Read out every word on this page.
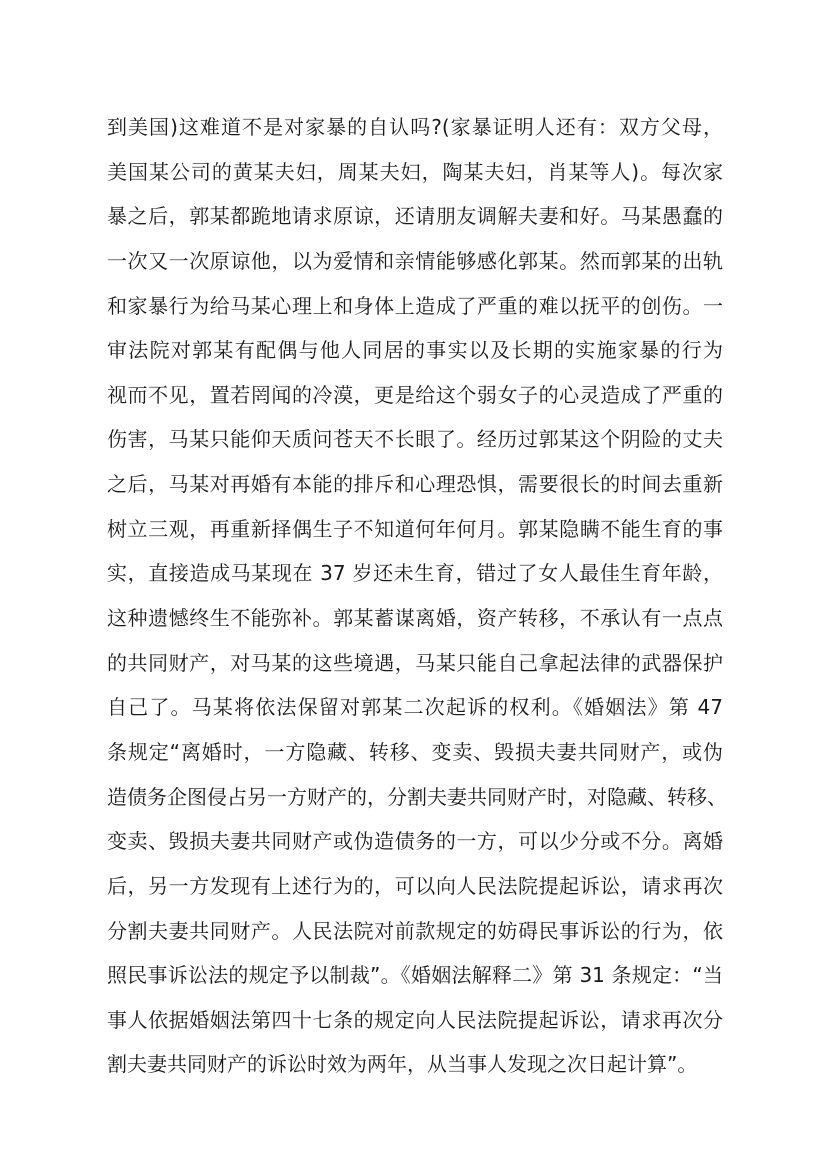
到美国)这难道不是对家暴的自认吗?(家暴证明人还有：双方父母，
美国某公司的黄某夫妇，周某夫妇，陶某夫妇，肖某等人)。每次家
暴之后，郭某都跪地请求原谅，还请朋友调解夫妻和好。马某愚蠢的
一次又一次原谅他，以为爱情和亲情能够感化郭某。然而郭某的出轨
和家暴行为给马某心理上和身体上造成了严重的难以抚平的创伤。一
审法院对郭某有配偶与他人同居的事实以及长期的实施家暴的行为
视而不见，置若罔闻的冷漠，更是给这个弱女子的心灵造成了严重的
伤害，马某只能仰天质问苍天不长眼了。经历过郭某这个阴险的丈夫
之后，马某对再婚有本能的排斥和心理恐惧，需要很长的时间去重新
树立三观，再重新择偶生子不知道何年何月。郭某隐瞒不能生育的事
实，直接造成马某现在 37 岁还未生育，错过了女人最佳生育年龄，
这种遗憾终生不能弥补。郭某蓄谋离婚，资产转移，不承认有一点点
的共同财产，对马某的这些境遇，马某只能自己拿起法律的武器保护
自己了。马某将依法保留对郭某二次起诉的权利。《婚姻法》第 47
条规定“离婚时，一方隐藏、转移、变卖、毁损夫妻共同财产，或伪
造债务企图侵占另一方财产的，分割夫妻共同财产时，对隐藏、转移、
变卖、毁损夫妻共同财产或伪造债务的一方，可以少分或不分。离婚
后，另一方发现有上述行为的，可以向人民法院提起诉讼，请求再次
分割夫妻共同财产。人民法院对前款规定的妨碍民事诉讼的行为，依
照民事诉讼法的规定予以制裁”。《婚姻法解释二》第 31 条规定：“当
事人依据婚姻法第四十七条的规定向人民法院提起诉讼，请求再次分
割夫妻共同财产的诉讼时效为两年，从当事人发现之次日起计算”。
